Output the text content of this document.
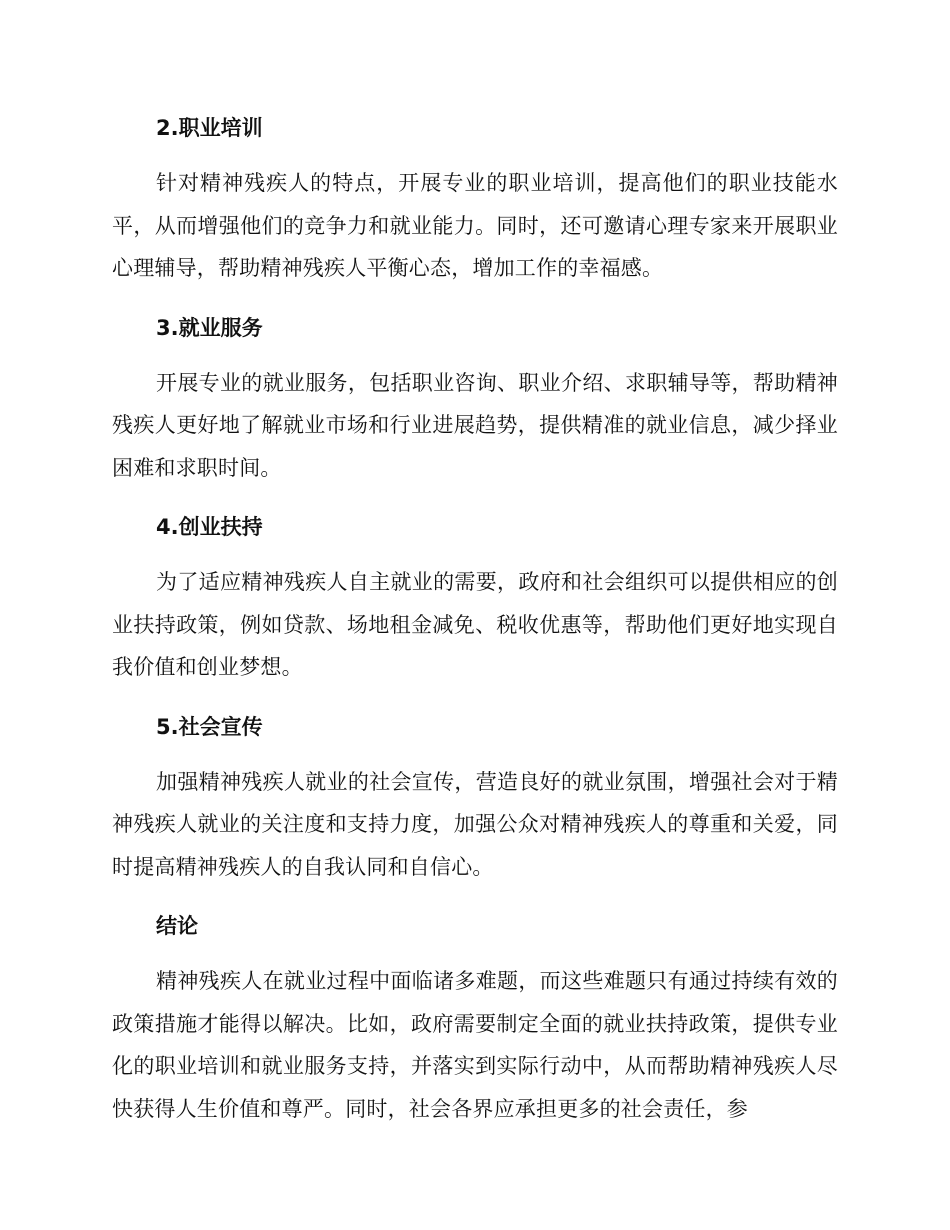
2.职业培训

针对精神残疾人的特点，开展专业的职业培训，提高他们的职业技能水平，从而增强他们的竞争力和就业能力。同时，还可邀请心理专家来开展职业心理辅导，帮助精神残疾人平衡心态，增加工作的幸福感。

3.就业服务

开展专业的就业服务，包括职业咨询、职业介绍、求职辅导等，帮助精神残疾人更好地了解就业市场和行业进展趋势，提供精准的就业信息，减少择业困难和求职时间。

4.创业扶持

为了适应精神残疾人自主就业的需要，政府和社会组织可以提供相应的创业扶持政策，例如贷款、场地租金减免、税收优惠等，帮助他们更好地实现自我价值和创业梦想。

5.社会宣传

加强精神残疾人就业的社会宣传，营造良好的就业氛围，增强社会对于精神残疾人就业的关注度和支持力度，加强公众对精神残疾人的尊重和关爱，同时提高精神残疾人的自我认同和自信心。

结论

精神残疾人在就业过程中面临诸多难题，而这些难题只有通过持续有效的政策措施才能得以解决。比如，政府需要制定全面的就业扶持政策，提供专业化的职业培训和就业服务支持，并落实到实际行动中，从而帮助精神残疾人尽快获得人生价值和尊严。同时，社会各界应承担更多的社会责任，参
